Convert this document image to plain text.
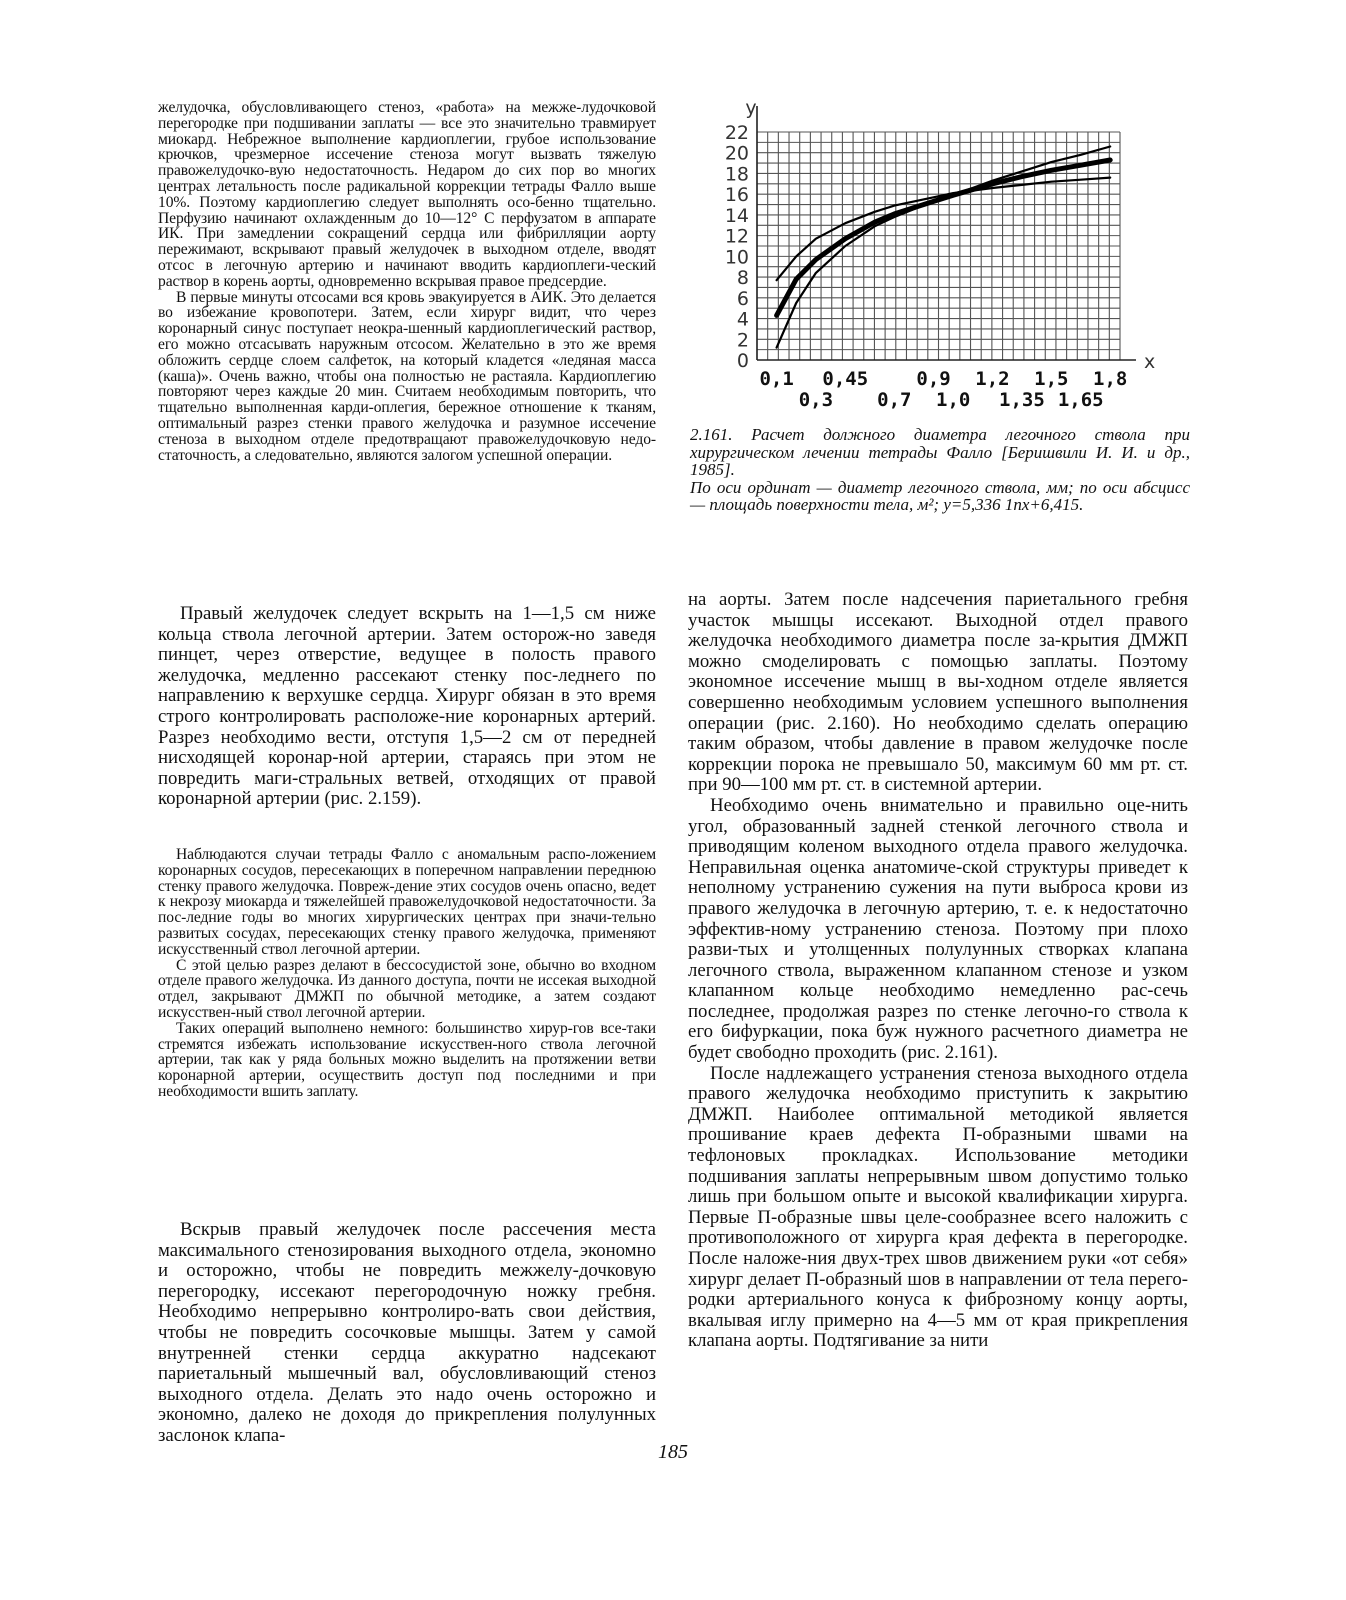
желудочка, обусловливающего стеноз, «работа» на межже-лудочковой перегородке при подшивании заплаты — все это значительно травмирует миокард. Небрежное выполнение кардиоплегии, грубое использование крючков, чрезмерное иссечение стеноза могут вызвать тяжелую правожелудочко-вую недостаточность. Недаром до сих пор во многих центрах летальность после радикальной коррекции тетрады Фалло выше 10%. Поэтому кардиоплегию следует выполнять осо-бенно тщательно. Перфузию начинают охлажденным до 10—12° С перфузатом в аппарате ИК. При замедлении сокращений сердца или фибрилляции аорту пережимают, вскрывают правый желудочек в выходном отделе, вводят отсос в легочную артерию и начинают вводить кардиоплеги-ческий раствор в корень аорты, одновременно вскрывая правое предсердие.

В первые минуты отсосами вся кровь эвакуируется в АИК. Это делается во избежание кровопотери. Затем, если хирург видит, что через коронарный синус поступает неокра-шенный кардиоплегический раствор, его можно отсасывать наружным отсосом. Желательно в это же время обложить сердце слоем салфеток, на который кладется «ледяная масса (каша)». Очень важно, чтобы она полностью не растаяла. Кардиоплегию повторяют через каждые 20 мин. Считаем необходимым повторить, что тщательно выполненная карди-оплегия, бережное отношение к тканям, оптимальный разрез стенки правого желудочка и разумное иссечение стеноза в выходном отделе предотвращают правожелудочковую недо-статочность, а следовательно, являются залогом успешной операции.

Правый желудочек следует вскрыть на 1—1,5 см ниже кольца ствола легочной артерии. Затем осторож-но заведя пинцет, через отверстие, ведущее в полость правого желудочка, медленно рассекают стенку пос-леднего по направлению к верхушке сердца. Хирург обязан в это время строго контролировать расположе-ние коронарных артерий. Разрез необходимо вести, отступя 1,5—2 см от передней нисходящей коронар-ной артерии, стараясь при этом не повредить маги-стральных ветвей, отходящих от правой коронарной артерии (рис. 2.159).

Наблюдаются случаи тетрады Фалло с аномальным распо-ложением коронарных сосудов, пересекающих в поперечном направлении переднюю стенку правого желудочка. Повреж-дение этих сосудов очень опасно, ведет к некрозу миокарда и тяжелейшей правожелудочковой недостаточности. За пос-ледние годы во многих хирургических центрах при значи-тельно развитых сосудах, пересекающих стенку правого желудочка, применяют искусственный ствол легочной артерии.

С этой целью разрез делают в бессосудистой зоне, обычно во входном отделе правого желудочка. Из данного доступа, почти не иссекая выходной отдел, закрывают ДМЖП по обычной методике, а затем создают искусствен-ный ствол легочной артерии.

Таких операций выполнено немного: большинство хирур-гов все-таки стремятся избежать использование искусствен-ного ствола легочной артерии, так как у ряда больных можно выделить на протяжении ветви коронарной артерии, осуществить доступ под последними и при необходимости вшить заплату.

Вскрыв правый желудочек после рассечения места максимального стенозирования выходного отдела, экономно и осторожно, чтобы не повредить межжелу-дочковую перегородку, иссекают перегородочную ножку гребня. Необходимо непрерывно контролиро-вать свои действия, чтобы не повредить сосочковые мышцы. Затем у самой внутренней стенки сердца аккуратно надсекают париетальный мышечный вал, обусловливающий стеноз выходного отдела. Делать это надо очень осторожно и экономно, далеко не доходя до прикрепления полулунных заслонок клапа-

у
x
0
2
4
6
8
10
12
14
16
18
20
22
0,1 0,45	0,9 1,2 1,5 1,8
0,3 0,7 1,0 1,35 1,65

2.161. Расчет должного диаметра легочного ствола при хирургическом лечении тетрады Фалло [Беришвили И. И. и др., 1985].

По оси ординат — диаметр легочного ствола, мм; по оси абсцисс — площадь поверхности тела, м²; у=5,336 1nх+6,415.

на аорты. Затем после надсечения париетального гребня участок мышцы иссекают. Выходной отдел правого желудочка необходимого диаметра после за-крытия ДМЖП можно смоделировать с помощью заплаты. Поэтому экономное иссечение мышц в вы-ходном отделе является совершенно необходимым условием успешного выполнения операции (рис. 2.160). Но необходимо сделать операцию таким образом, чтобы давление в правом желудочке после коррекции порока не превышало 50, максимум 60 мм рт. ст. при 90—100 мм рт. ст. в системной артерии.

Необходимо очень внимательно и правильно оце-нить угол, образованный задней стенкой легочного ствола и приводящим коленом выходного отдела правого желудочка. Неправильная оценка анатомиче-ской структуры приведет к неполному устранению сужения на пути выброса крови из правого желудочка в легочную артерию, т. е. к недостаточно эффектив-ному устранению стеноза. Поэтому при плохо разви-тых и утолщенных полулунных створках клапана легочного ствола, выраженном клапанном стенозе и узком клапанном кольце необходимо немедленно рас-сечь последнее, продолжая разрез по стенке легочно-го ствола к его бифуркации, пока буж нужного расчетного диаметра не будет свободно проходить (рис. 2.161).

После надлежащего устранения стеноза выходного отдела правого желудочка необходимо приступить к закрытию ДМЖП. Наиболее оптимальной методикой является прошивание краев дефекта П-образными швами на тефлоновых прокладках. Использование методики подшивания заплаты непрерывным швом допустимо только лишь при большом опыте и высокой квалификации хирурга. Первые П-образные швы целе-сообразнее всего наложить с противоположного от хирурга края дефекта в перегородке. После наложе-ния двух-трех швов движением руки «от себя» хирург делает П-образный шов в направлении от тела перего-родки артериального конуса к фиброзному концу аорты, вкалывая иглу примерно на 4—5 мм от края прикрепления клапана аорты. Подтягивание за нити

185
